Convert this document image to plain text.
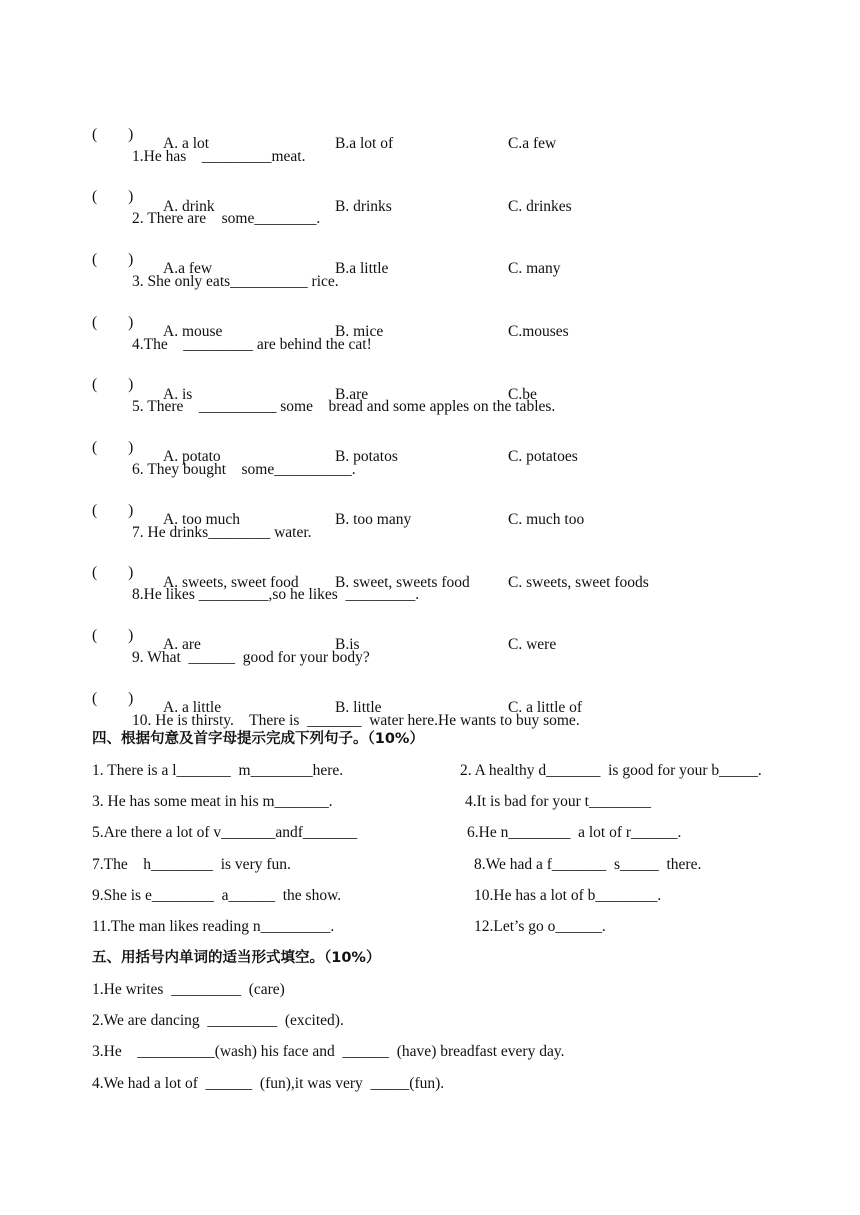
(        )

1.He has    _________meat.

A. a lot	B.a lot of	C.a few

(        )

2. There are    some________.

A. drink	B. drinks	C. drinkes

(        )

3. She only eats__________ rice.

A.a few	B.a little	C. many

(        )

4.The    _________ are behind the cat!

A. mouse	B. mice	C.mouses

(        )

5. There    __________ some    bread and some apples on the tables.

A. is	B.are	C.be

(        )

6. They bought    some__________.

A. potato	B. potatos	C. potatoes

(        )

7. He drinks________ water.

A. too much	B. too many	C. much too

(        )

8.He likes _________,so he likes  _________.

A. sweets, sweet food B. sweet, sweets food C. sweets, sweet foods

(        )

9. What  ______  good for your body?

A. are	B.is	C. were

(        )

10. He is thirsty.    There is  _______  water here.He wants to buy some.

A. a little	B. little	C. a little of
四、根据句意及首字母提示完成下列句子。（10%）
1. There is a l_______  m________here.	2. A healthy d_______  is good for your b_____.
3. He has some meat in his m_______.	4.It is bad for your t________
5.Are there a lot of v_______andf_______	6.He n________  a lot of r______.
7.The    h________  is very fun.	8.We had a f_______  s_____  there.
9.She is e________  a______  the show.	10.He has a lot of b________.
11.The man likes reading n_________.	12.Let’s go o______.
五、用括号内单词的适当形式填空。（10%）
1.He writes  _________  (care)
2.We are dancing  _________  (excited).
3.He    __________(wash) his face and  ______  (have) breadfast every day.
4.We had a lot of  ______  (fun),it was very  _____(fun).
